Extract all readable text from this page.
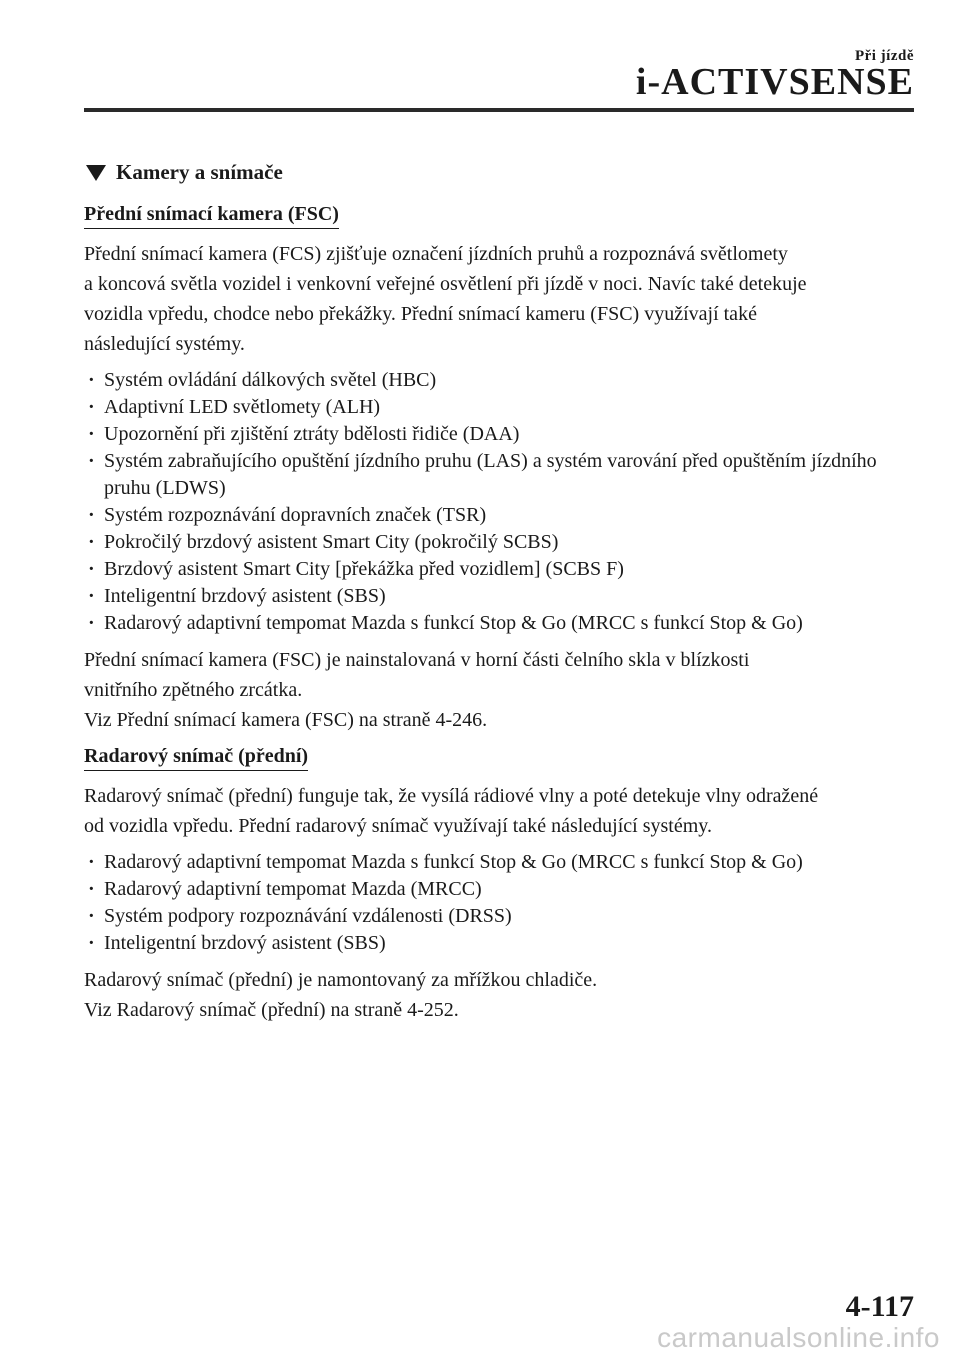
Při jízdě
i-ACTIVSENSE
Kamery a snímače
Přední snímací kamera (FSC)

Přední snímací kamera (FCS) zjišťuje označení jízdních pruhů a rozpoznává světlomety
a koncová světla vozidel i venkovní veřejné osvětlení při jízdě v noci. Navíc také detekuje
vozidla vpředu, chodce nebo překážky. Přední snímací kameru (FSC) využívají také
následující systémy.

· Systém ovládání dálkových světel (HBC)
· Adaptivní LED světlomety (ALH)
· Upozornění při zjištění ztráty bdělosti řidiče (DAA)
· Systém zabraňujícího opuštění jízdního pruhu (LAS) a systém varování před opuštěním jízdního pruhu (LDWS)
· Systém rozpoznávání dopravních značek (TSR)
· Pokročilý brzdový asistent Smart City (pokročilý SCBS)
· Brzdový asistent Smart City [překážka před vozidlem] (SCBS F)
· Inteligentní brzdový asistent (SBS)
· Radarový adaptivní tempomat Mazda s funkcí Stop & Go (MRCC s funkcí Stop & Go)

Přední snímací kamera (FSC) je nainstalovaná v horní části čelního skla v blízkosti
vnitřního zpětného zrcátka.
Viz Přední snímací kamera (FSC) na straně 4-246.

Radarový snímač (přední)

Radarový snímač (přední) funguje tak, že vysílá rádiové vlny a poté detekuje vlny odražené
od vozidla vpředu. Přední radarový snímač využívají také následující systémy.

· Radarový adaptivní tempomat Mazda s funkcí Stop & Go (MRCC s funkcí Stop & Go)
· Radarový adaptivní tempomat Mazda (MRCC)
· Systém podpory rozpoznávání vzdálenosti (DRSS)
· Inteligentní brzdový asistent (SBS)

Radarový snímač (přední) je namontovaný za mřížkou chladiče.
Viz Radarový snímač (přední) na straně 4-252.

4-117
carmanualsonline.info
